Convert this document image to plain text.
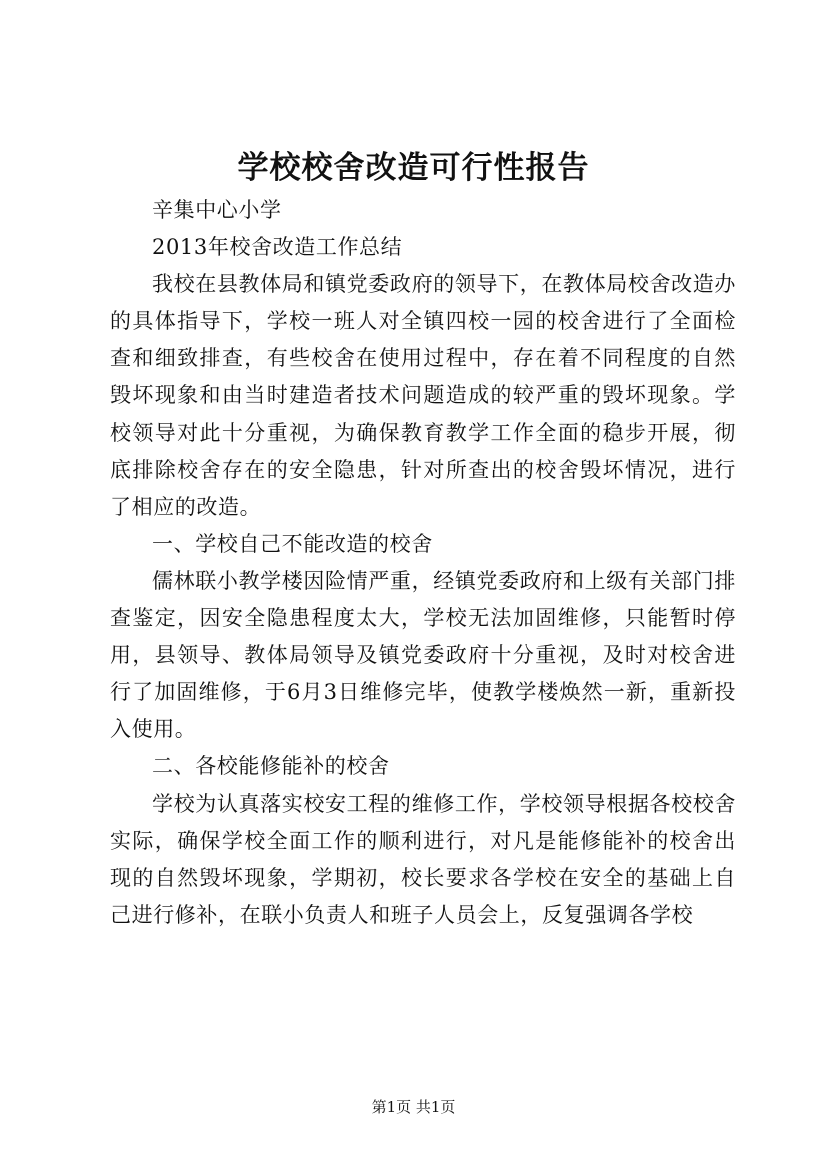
学校校舍改造可行性报告

辛集中心小学

2013年校舍改造工作总结

我校在县教体局和镇党委政府的领导下，在教体局校舍改造办的具体指导下，学校一班人对全镇四校一园的校舍进行了全面检查和细致排查，有些校舍在使用过程中，存在着不同程度的自然毁坏现象和由当时建造者技术问题造成的较严重的毁坏现象。学校领导对此十分重视，为确保教育教学工作全面的稳步开展，彻底排除校舍存在的安全隐患，针对所查出的校舍毁坏情况，进行了相应的改造。

一、学校自己不能改造的校舍

儒林联小教学楼因险情严重，经镇党委政府和上级有关部门排查鉴定，因安全隐患程度太大，学校无法加固维修，只能暂时停用，县领导、教体局领导及镇党委政府十分重视，及时对校舍进行了加固维修，于6月3日维修完毕，使教学楼焕然一新，重新投入使用。

二、各校能修能补的校舍

学校为认真落实校安工程的维修工作，学校领导根据各校校舍实际，确保学校全面工作的顺利进行，对凡是能修能补的校舍出现的自然毁坏现象，学期初，校长要求各学校在安全的基础上自己进行修补，在联小负责人和班子人员会上，反复强调各学校

第1页 共1页
